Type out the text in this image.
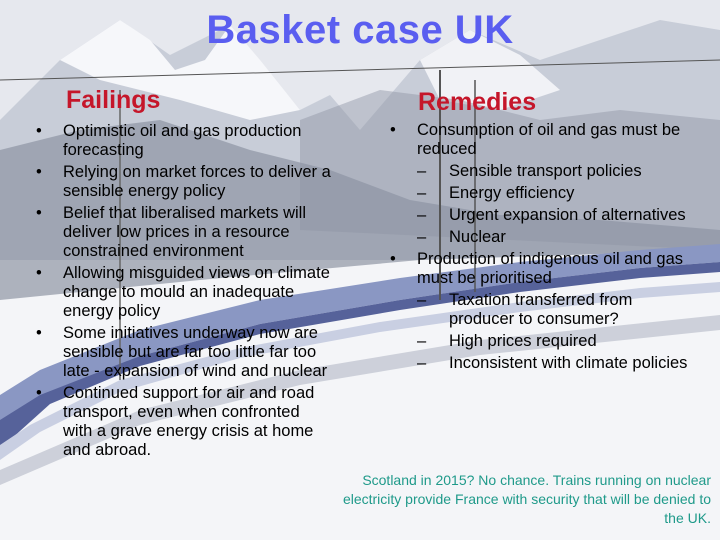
Basket case UK
Failings
• Optimistic oil and gas production forecasting
• Relying on market forces to deliver a sensible energy policy
• Belief that liberalised markets will deliver low prices in a resource constrained environment
• Allowing misguided views on climate change to mould an inadequate energy policy
• Some initiatives underway now are sensible but are far too little far too late - expansion of wind and nuclear
• Continued support for air and road transport, even when confronted with a grave energy crisis at home and abroad.
Remedies
• Consumption of oil and gas must be reduced
– Sensible transport policies
– Energy efficiency
– Urgent expansion of alternatives
– Nuclear
• Production of indigenous oil and gas must be prioritised
– Taxation transferred from producer to consumer?
– High prices required
– Inconsistent with climate policies
Scotland in 2015? No chance. Trains running on nuclear electricity provide France with security that will be denied to the UK.
